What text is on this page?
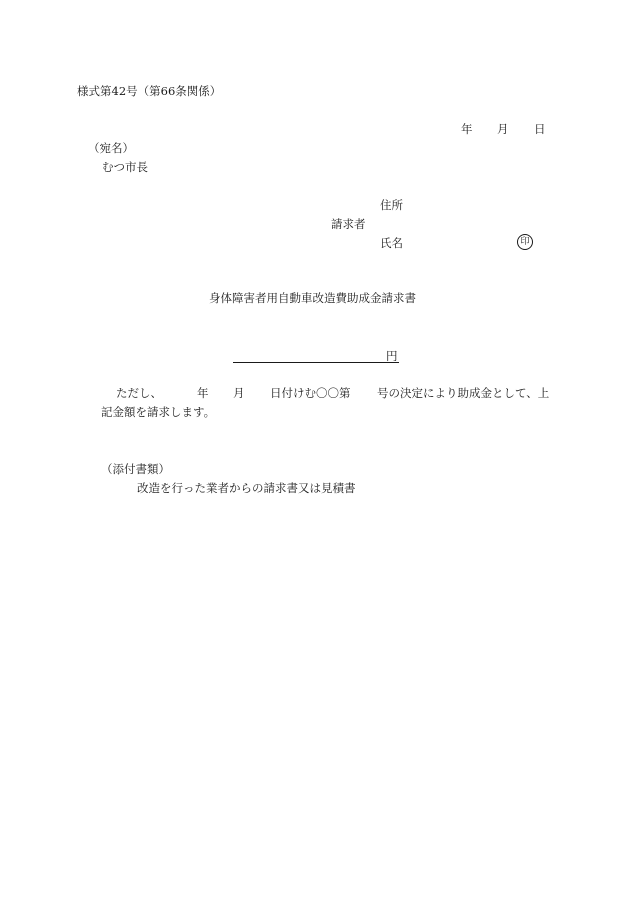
様式第42号（第66条関係）
年 月 日
（宛名）
むつ市長
住所
請求者
氏名	印
身体障害者用自動車改造費助成金請求書
円
ただし、	年 月 日付けむ〇〇第 号の決定により助成金として、上
記金額を請求します。
（添付書類）
改造を行った業者からの請求書又は見積書
